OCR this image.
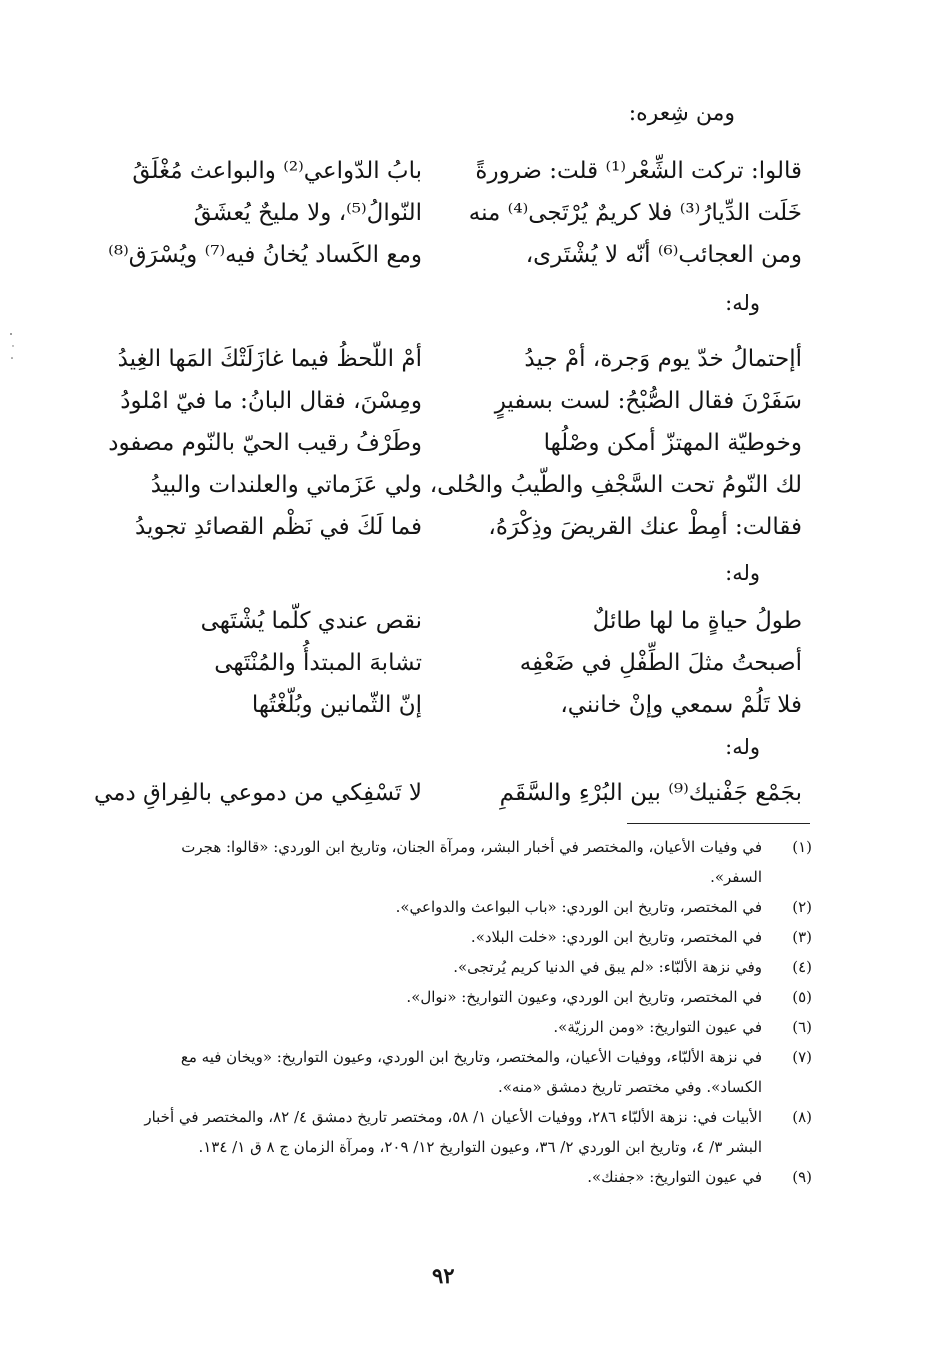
ومن شِعره:
قالوا: تركت الشِّعْر⁽¹⁾ قلت: ضرورةً
بابُ الدّواعي⁽²⁾ والبواعث مُغْلَقُ
خَلَت الدِّيارُ⁽³⁾ فلا كريمٌ يُرْتَجى⁽⁴⁾ منه
النّوالُ⁽⁵⁾، ولا مليحٌ يُعشَقُ
ومن العجائب⁽⁶⁾ أنّه لا يُشْتَرى،
ومع الكَساد يُخانُ فيه⁽⁷⁾ ويُسْرَق⁽⁸⁾
وله:
أإحتمالُ خدّ يوم وَجرة، أمْ جيدُ
أمْ اللّحظُ فيما غازَلَتْكَ المَها الغِيدُ
سَفَرْنَ فقال الصُّبْحُ: لست بسفيرٍ
ومِسْنَ، فقال البانُ: ما فيّ امْلودُ
وخوطيّة المهتزّ أمكن وصْلُها
وطَرْفُ رقيب الحيّ بالنّوم مصفود
لك النّومُ تحت السَّجْفِ والطّيبُ والحُلى،
ولي عَزَماتي والعلندات والبيدُ
فقالت: أمِطْ عنك القريضَ وذِكْرَهُ،
فما لَكَ في نَظْم القصائدِ تجويدُ
وله:
طولُ حياةٍ ما لها طائلٌ
نقص عندي كلّما يُشْتَهى
أصبحتُ مثلَ الطِّفْلِ في ضَعْفِه
تشابهَ المبتدأُ والمُنْتَهى
فلا تَلُمْ سمعي وإنْ خانني،
إنّ الثّمانين وبُلّغْتُها
وله:
بجَمْع جَفْنيك⁽⁹⁾ بين البُرْءِ والسَّقَمِ
لا تَسْفِكي من دموعي بالفِراقِ دمي
(١)
في وفيات الأعيان، والمختصر في أخبار البشر، ومرآة الجنان، وتاريخ ابن الوردي: «قالوا: هجرت السفر».
(٢)
في المختصر، وتاريخ ابن الوردي: «باب البواعث والدواعي».
(٣)
في المختصر، وتاريخ ابن الوردي: «خلت البلاد».
(٤)
وفي نزهة الألبّاء: «لم يبق في الدنيا كريم يُرتجى».
(٥)
في المختصر، وتاريخ ابن الوردي، وعيون التواريخ: «نوال».
(٦)
في عيون التواريخ: «ومن الرزيّة».
(٧)
في نزهة الألبّاء، ووفيات الأعيان، والمختصر، وتاريخ ابن الوردي، وعيون التواريخ: «ويخان فيه مع الكساد». وفي مختصر تاريخ دمشق «منه».
(٨)
الأبيات في: نزهة الألبّاء ٢٨٦، ووفيات الأعيان ١/ ٥٨، ومختصر تاريخ دمشق ٤/ ٨٢، والمختصر في أخبار البشر ٣/ ٤، وتاريخ ابن الوردي ٢/ ٣٦، وعيون التواريخ ١٢/ ٢٠٩، ومرآة الزمان ج ٨ ق ١/ ١٣٤.
(٩)
في عيون التواريخ: «جفنك».
٩٢
